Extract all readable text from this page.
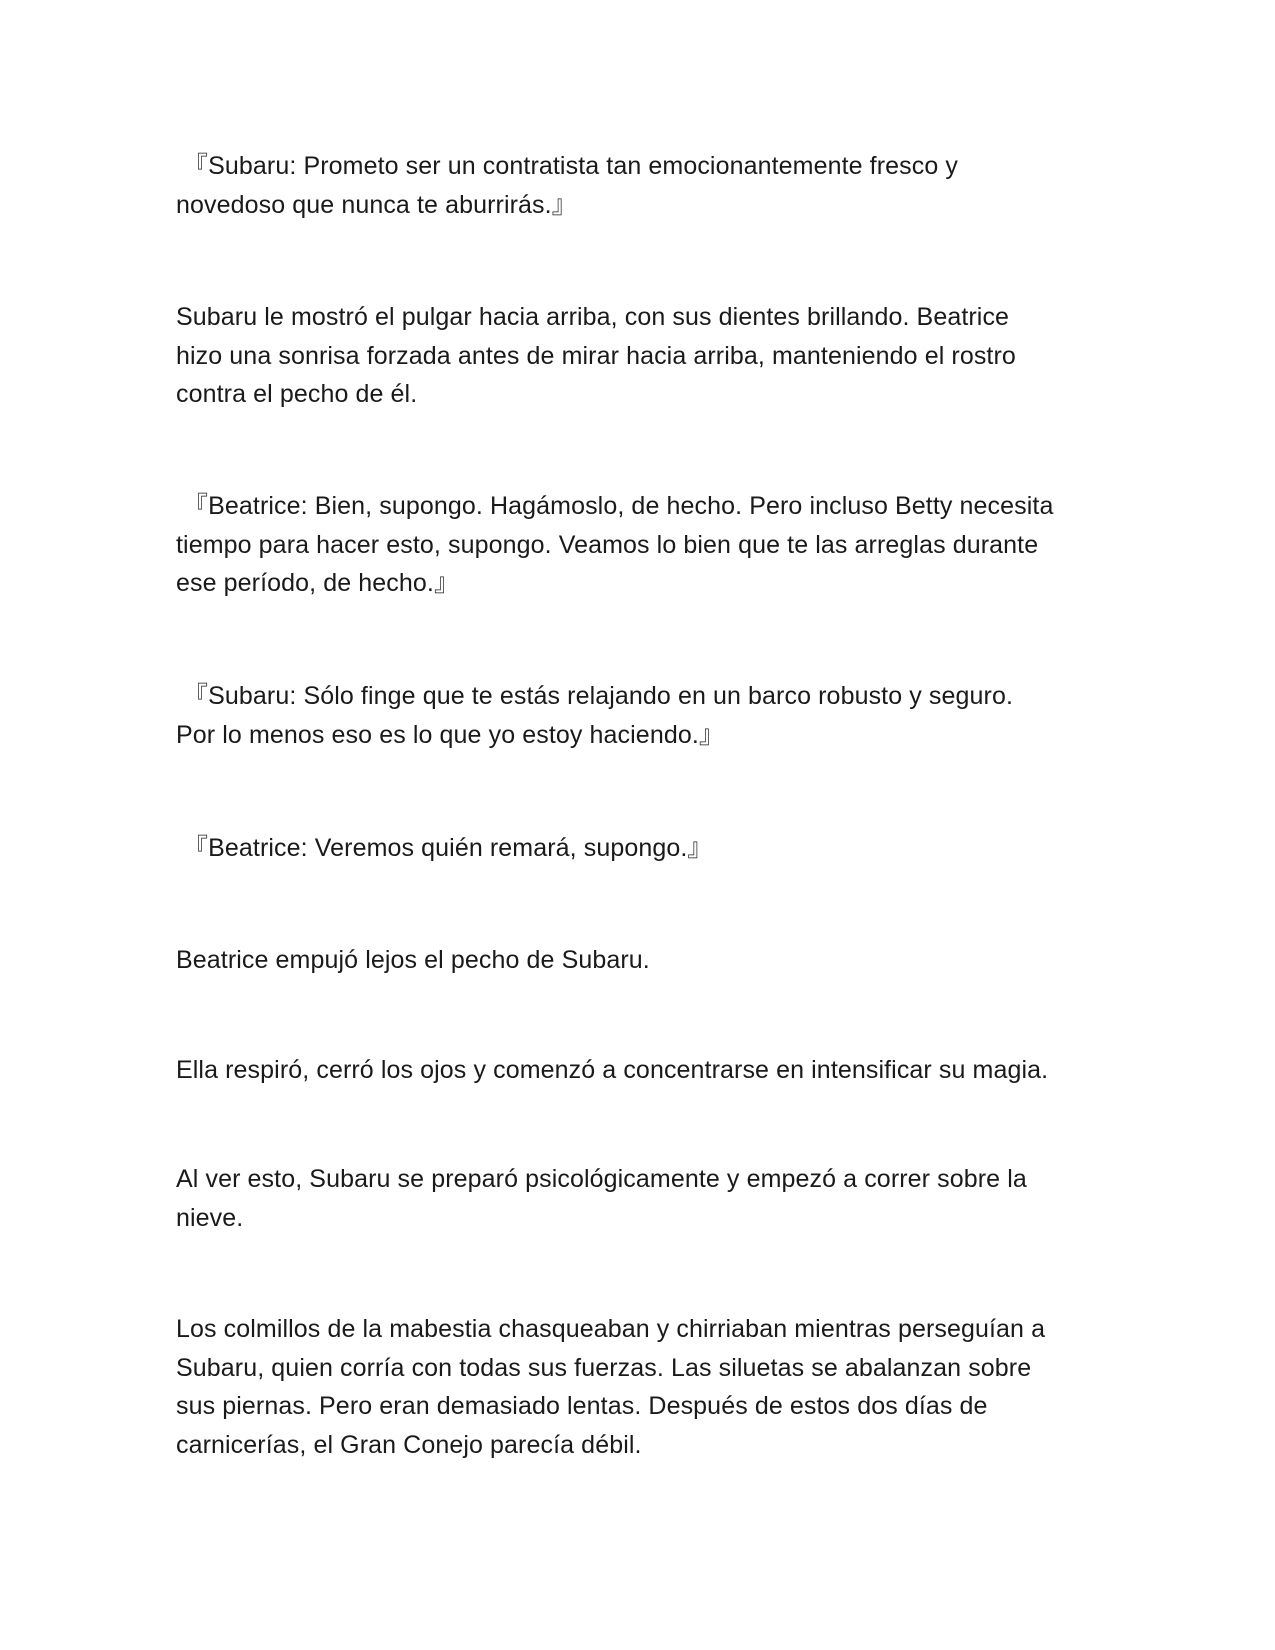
『Subaru: Prometo ser un contratista tan emocionantemente fresco y
novedoso que nunca te aburrirás.』

Subaru le mostró el pulgar hacia arriba, con sus dientes brillando. Beatrice
hizo una sonrisa forzada antes de mirar hacia arriba, manteniendo el rostro
contra el pecho de él.

『Beatrice: Bien, supongo. Hagámoslo, de hecho. Pero incluso Betty necesita
tiempo para hacer esto, supongo. Veamos lo bien que te las arreglas durante
ese período, de hecho.』

『Subaru: Sólo finge que te estás relajando en un barco robusto y seguro.
Por lo menos eso es lo que yo estoy haciendo.』

『Beatrice: Veremos quién remará, supongo.』

Beatrice empujó lejos el pecho de Subaru.

Ella respiró, cerró los ojos y comenzó a concentrarse en intensificar su magia.

Al ver esto, Subaru se preparó psicológicamente y empezó a correr sobre la
nieve.

Los colmillos de la mabestia chasqueaban y chirriaban mientras perseguían a
Subaru, quien corría con todas sus fuerzas. Las siluetas se abalanzan sobre
sus piernas. Pero eran demasiado lentas. Después de estos dos días de
carnicerías, el Gran Conejo parecía débil.
